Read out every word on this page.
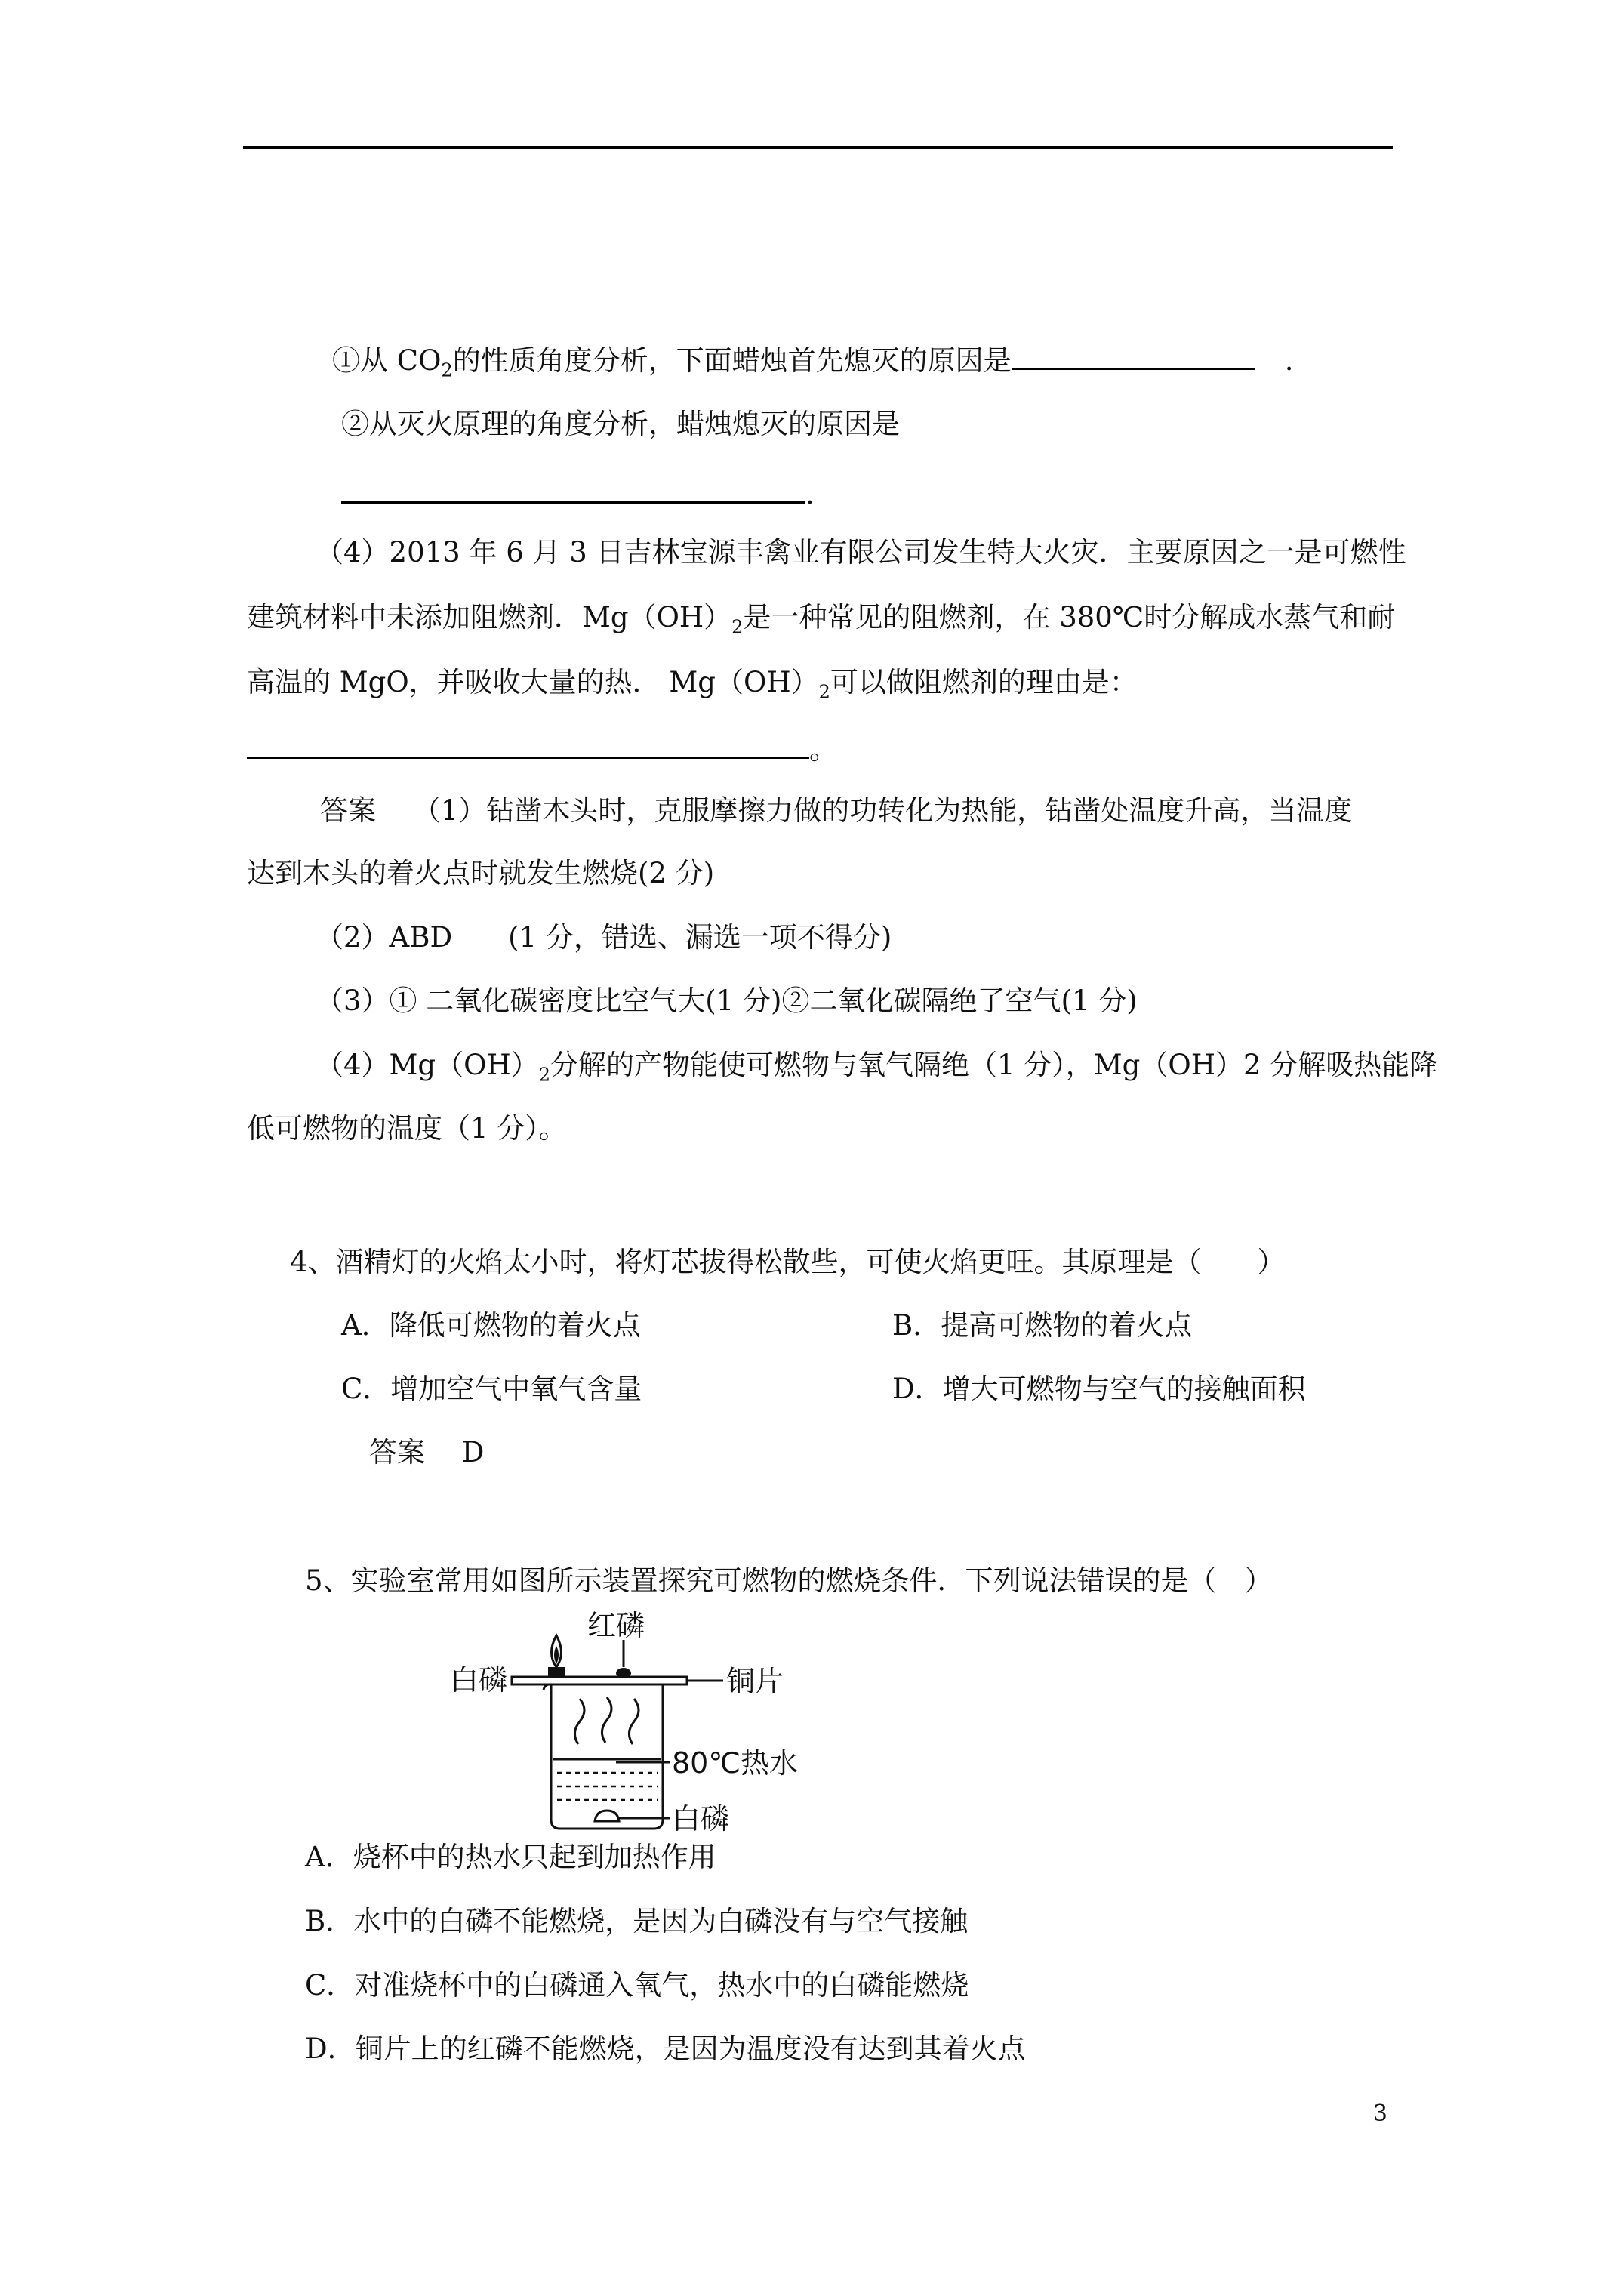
①从 $CO_2$的性质角度分析，下面蜡烛首先熄灭的原因是	.
②从灭火原理的角度分析，蜡烛熄灭的原因是
.
（4）2013 年 6 月 3 日吉林宝源丰禽业有限公司发生特大火灾．主要原因之一是可燃性
建筑材料中未添加阻燃剂．$Mg(OH)_2$是一种常见的阻燃剂，在 380℃时分解成水蒸气和耐
高温的 MgO，并吸收大量的热． $Mg(OH)_2$可以做阻燃剂的理由是：
。
答案　 （1）钻凿木头时，克服摩擦力做的功转化为热能，钻凿处温度升高，当温度
达到木头的着火点时就发生燃烧(2 分)
（2）ABD　　(1 分，错选、漏选一项不得分)
（3）① 二氧化碳密度比空气大(1 分)②二氧化碳隔绝了空气(1 分)
$(4)Mg(OH)_2$分解的产物能使可燃物与氧气隔绝（1 分），Mg（OH）2 分解吸热能降
低可燃物的温度（1 分）。
4、酒精灯的火焰太小时，将灯芯拔得松散些，可使火焰更旺。其原理是（　　）
A．降低可燃物的着火点	B．提高可燃物的着火点
C．增加空气中氧气含量	D．增大可燃物与空气的接触面积
答案　 D
5、实验室常用如图所示装置探究可燃物的燃烧条件．下列说法错误的是（　）
红磷
白磷	铜片
80℃热水
白磷
A．烧杯中的热水只起到加热作用
B．水中的白磷不能燃烧，是因为白磷没有与空气接触
C．对准烧杯中的白磷通入氧气，热水中的白磷能燃烧
D．铜片上的红磷不能燃烧，是因为温度没有达到其着火点
3
